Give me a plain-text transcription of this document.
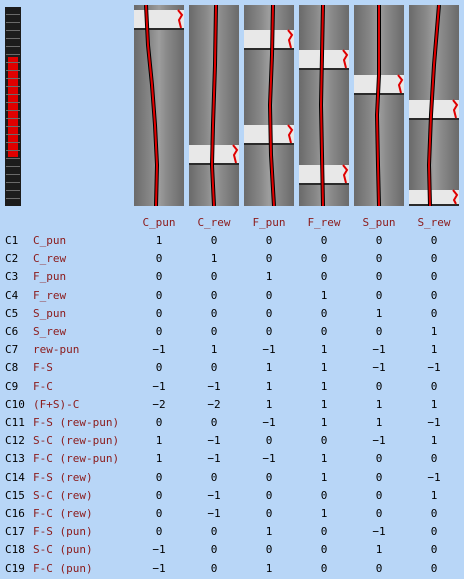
C_pun	C_rew	F_pun	F_rew	S_pun	S_rew
C1 C_pun	1	0	0	0	0	0
C2 C_rew	0	1	0	0	0	0
C3 F_pun	0	0	1	0	0	0
C4 F_rew	0	0	0	1	0	0
C5 S_pun	0	0	0	0	1	0
C6 S_rew	0	0	0	0	0	1
C7 rew-pun	−1	1	−1	1	−1	1
C8 F-S	0	0	1	1	−1	−1
C9 F-C	−1	−1	1	1	0	0
C10 (F+S)-C	−2	−2	1	1	1	1
C11 F-S (rew-pun)	0	0	−1	1	1	−1
C12 S-C (rew-pun)	1	−1	0	0	−1	1
C13 F-C (rew-pun)	1	−1	−1	1	0	0
C14 F-S (rew)	0	0	0	1	0	−1
C15 S-C (rew)	0	−1	0	0	0	1
C16 F-C (rew)	0	−1	0	1	0	0
C17 F-S (pun)	0	0	1	0	−1	0
C18 S-C (pun)	−1	0	0	0	1	0
C19 F-C (pun)	−1	0	1	0	0	0
